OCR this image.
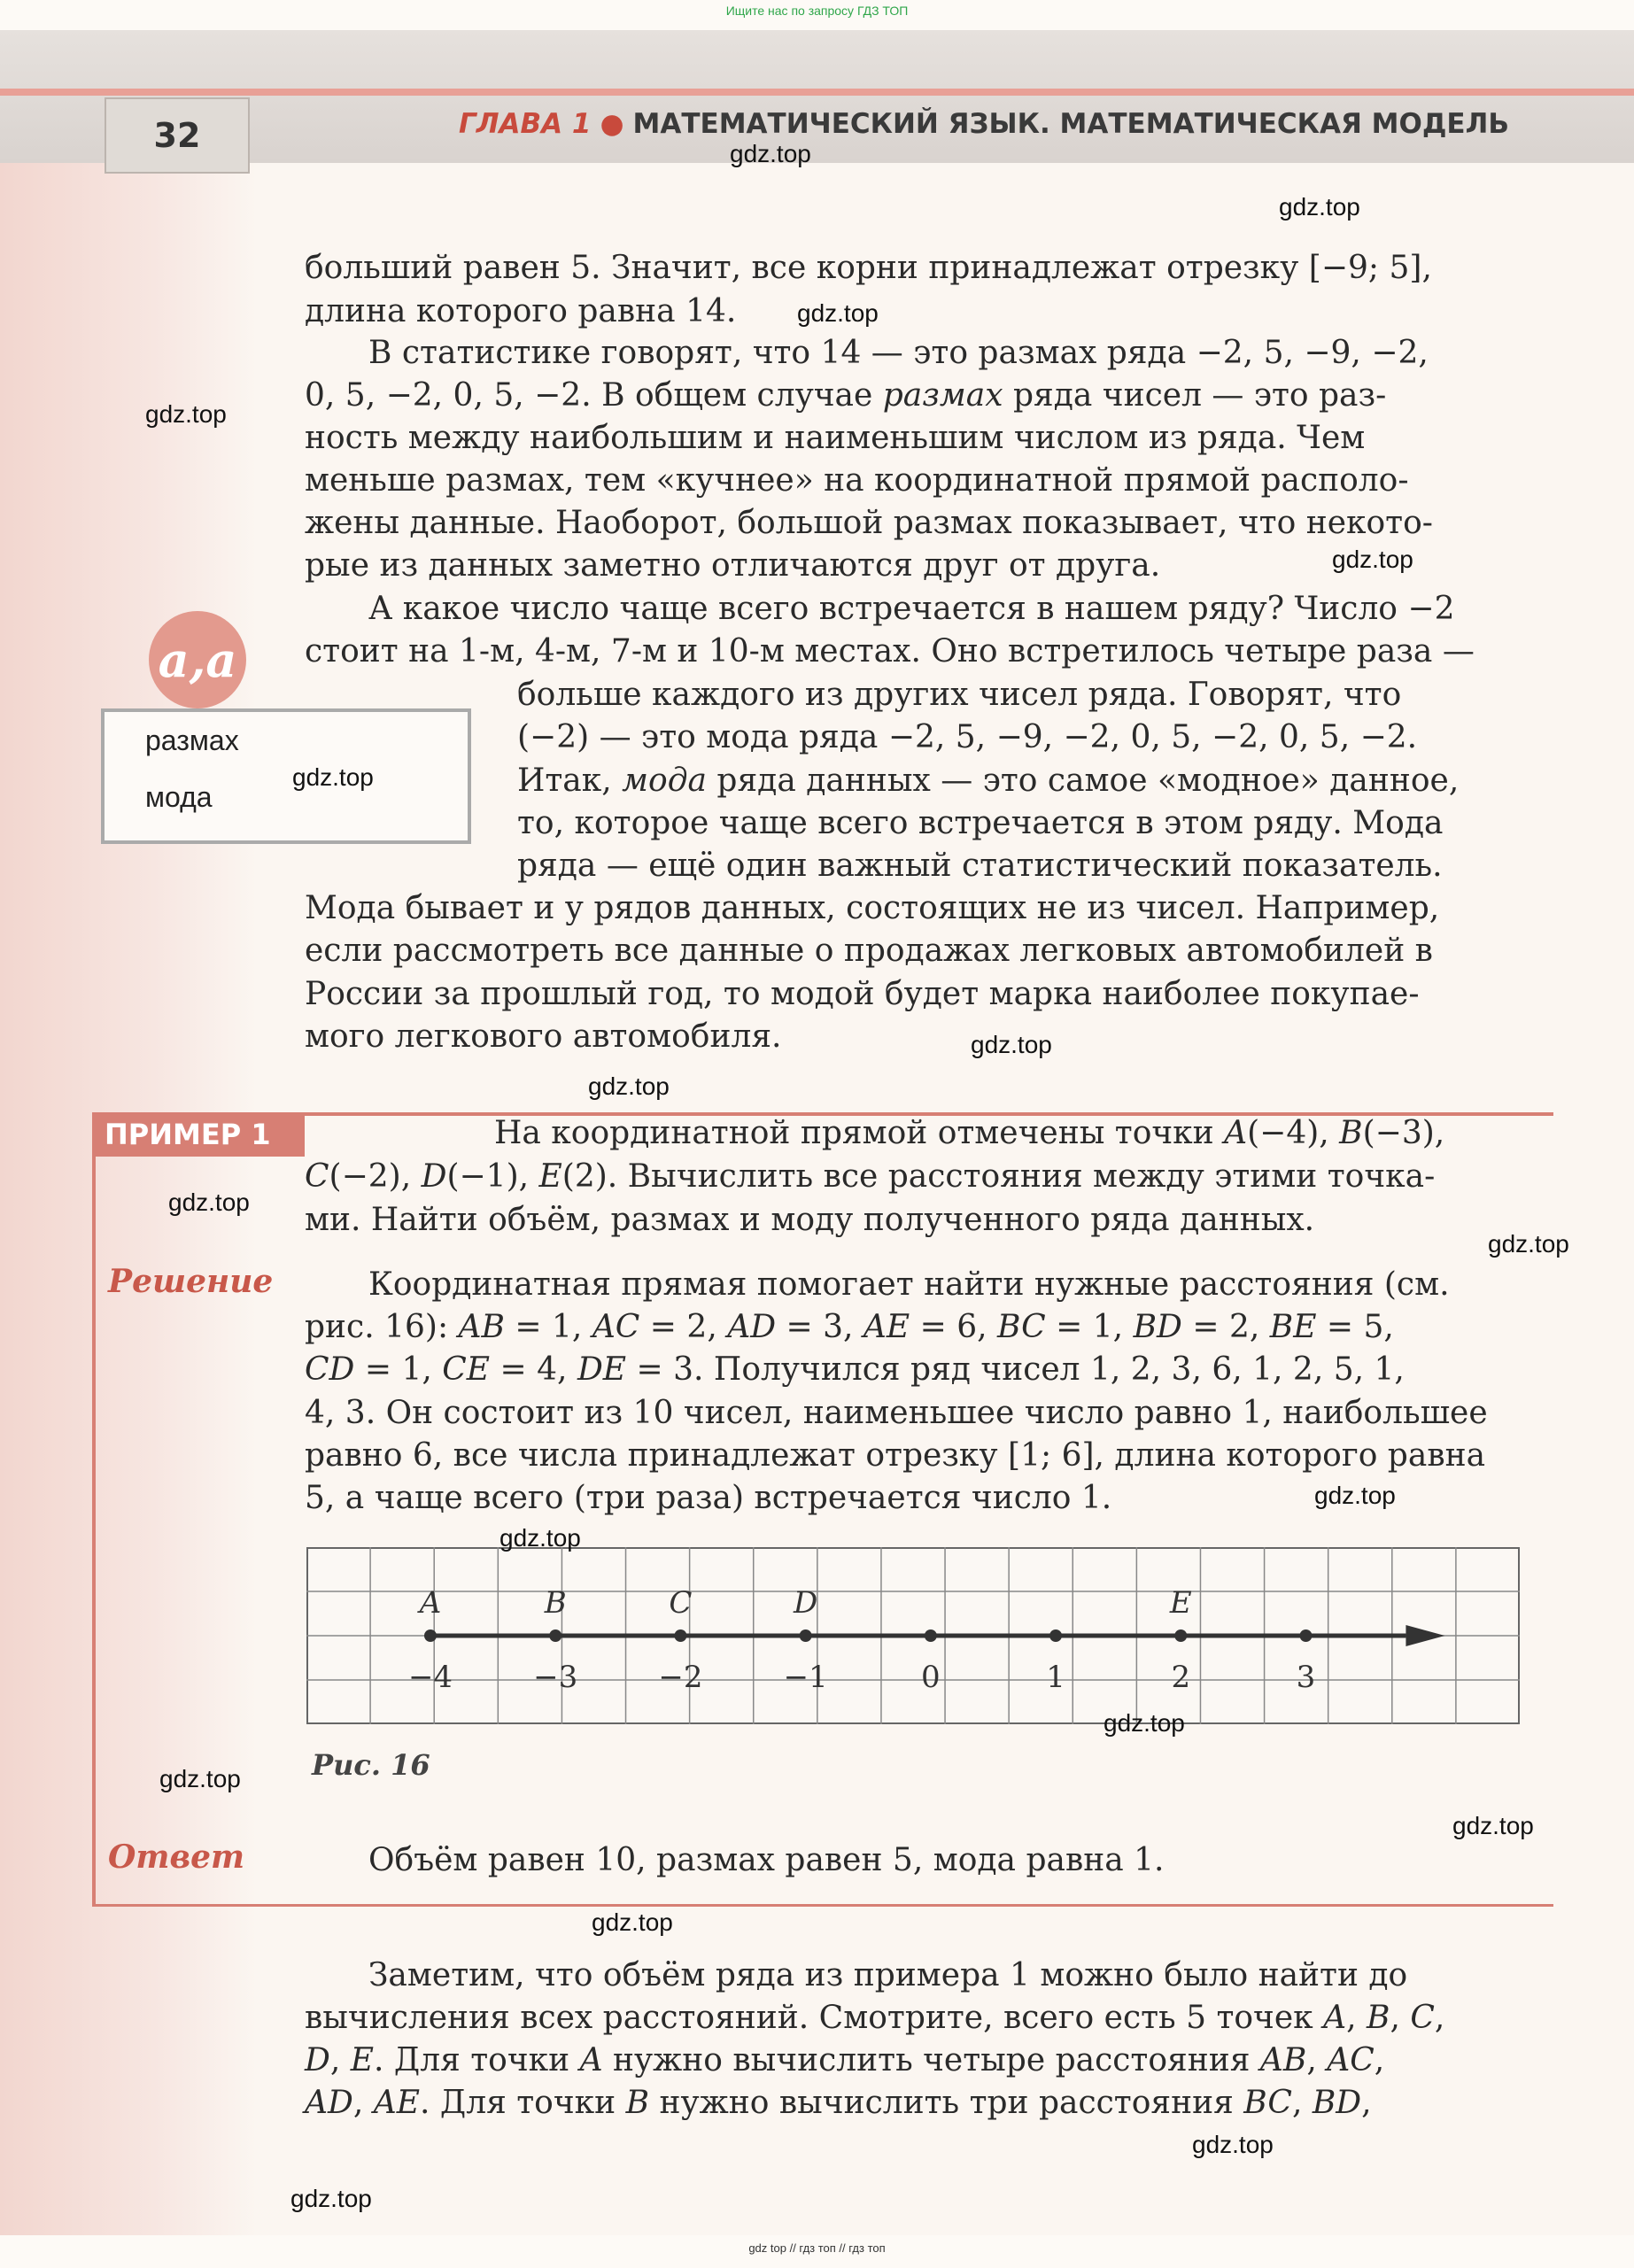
Ищите нас по запросу ГДЗ ТОП
32	ГЛАВА 1 ● МАТЕМАТИЧЕСКИЙ ЯЗЫК. МАТЕМАТИЧЕСКАЯ МОДЕЛЬ
больший равен 5. Значит, все корни принадлежат отрезку [−9; 5],
длина которого равна 14.
В статистике говорят, что 14 — это размах ряда −2, 5, −9, −2,
0, 5, −2, 0, 5, −2. В общем случае размах ряда чисел — это раз-
ность между наибольшим и наименьшим числом из ряда. Чем
меньше размах, тем «кучнее» на координатной прямой располо-
жены данные. Наоборот, большой размах показывает, что некото-
рые из данных заметно отличаются друг от друга.
А какое число чаще всего встречается в нашем ряду? Число −2
стоит на 1-м, 4-м, 7-м и 10-м местах. Оно встретилось четыре раза —
больше каждого из других чисел ряда. Говорят, что
(−2) — это мода ряда −2, 5, −9, −2, 0, 5, −2, 0, 5, −2.
Итак, мода ряда данных — это самое «модное» данное,
то, которое чаще всего встречается в этом ряду. Мода
ряда — ещё один важный статистический показатель.
Мода бывает и у рядов данных, состоящих не из чисел. Например,
если рассмотреть все данные о продажах легковых автомобилей в
России за прошлый год, то модой будет марка наиболее покупае-
мого легкового автомобиля.
a,a
размах
мода
ПРИМЕР 1	На координатной прямой отмечены точки A(−4), B(−3),
C(−2), D(−1), E(2). Вычислить все расстояния между этими точка-
ми. Найти объём, размах и моду полученного ряда данных.
Решение	Координатная прямая помогает найти нужные расстояния (см.
рис. 16): AB = 1, AC = 2, AD = 3, AE = 6, BC = 1, BD = 2, BE = 5,
CD = 1, CE = 4, DE = 3. Получился ряд чисел 1, 2, 3, 6, 1, 2, 5, 1,
4, 3. Он состоит из 10 чисел, наименьшее число равно 1, наибольшее
равно 6, все числа принадлежат отрезку [1; 6], длина которого равна
5, а чаще всего (три раза) встречается число 1.
−4
A
−3
B
−2
C
−1
D
0	1	2
E
3
Рис. 16
Ответ	Объём равен 10, размах равен 5, мода равна 1.
Заметим, что объём ряда из примера 1 можно было найти до
вычисления всех расстояний. Смотрите, всего есть 5 точек A, B, C,
D, E. Для точки A нужно вычислить четыре расстояния AB, AC,
AD, AE. Для точки B нужно вычислить три расстояния BC, BD,
gdz.top
gdz.top
gdz.top
gdz.top
gdz.top
gdz.top
gdz.top
gdz.top
gdz.top
gdz.top
gdz.top
gdz.top
gdz.top
gdz.top
gdz.top
gdz.top
gdz.top
gdz.top
gdz top // гдз топ // гдз топ
